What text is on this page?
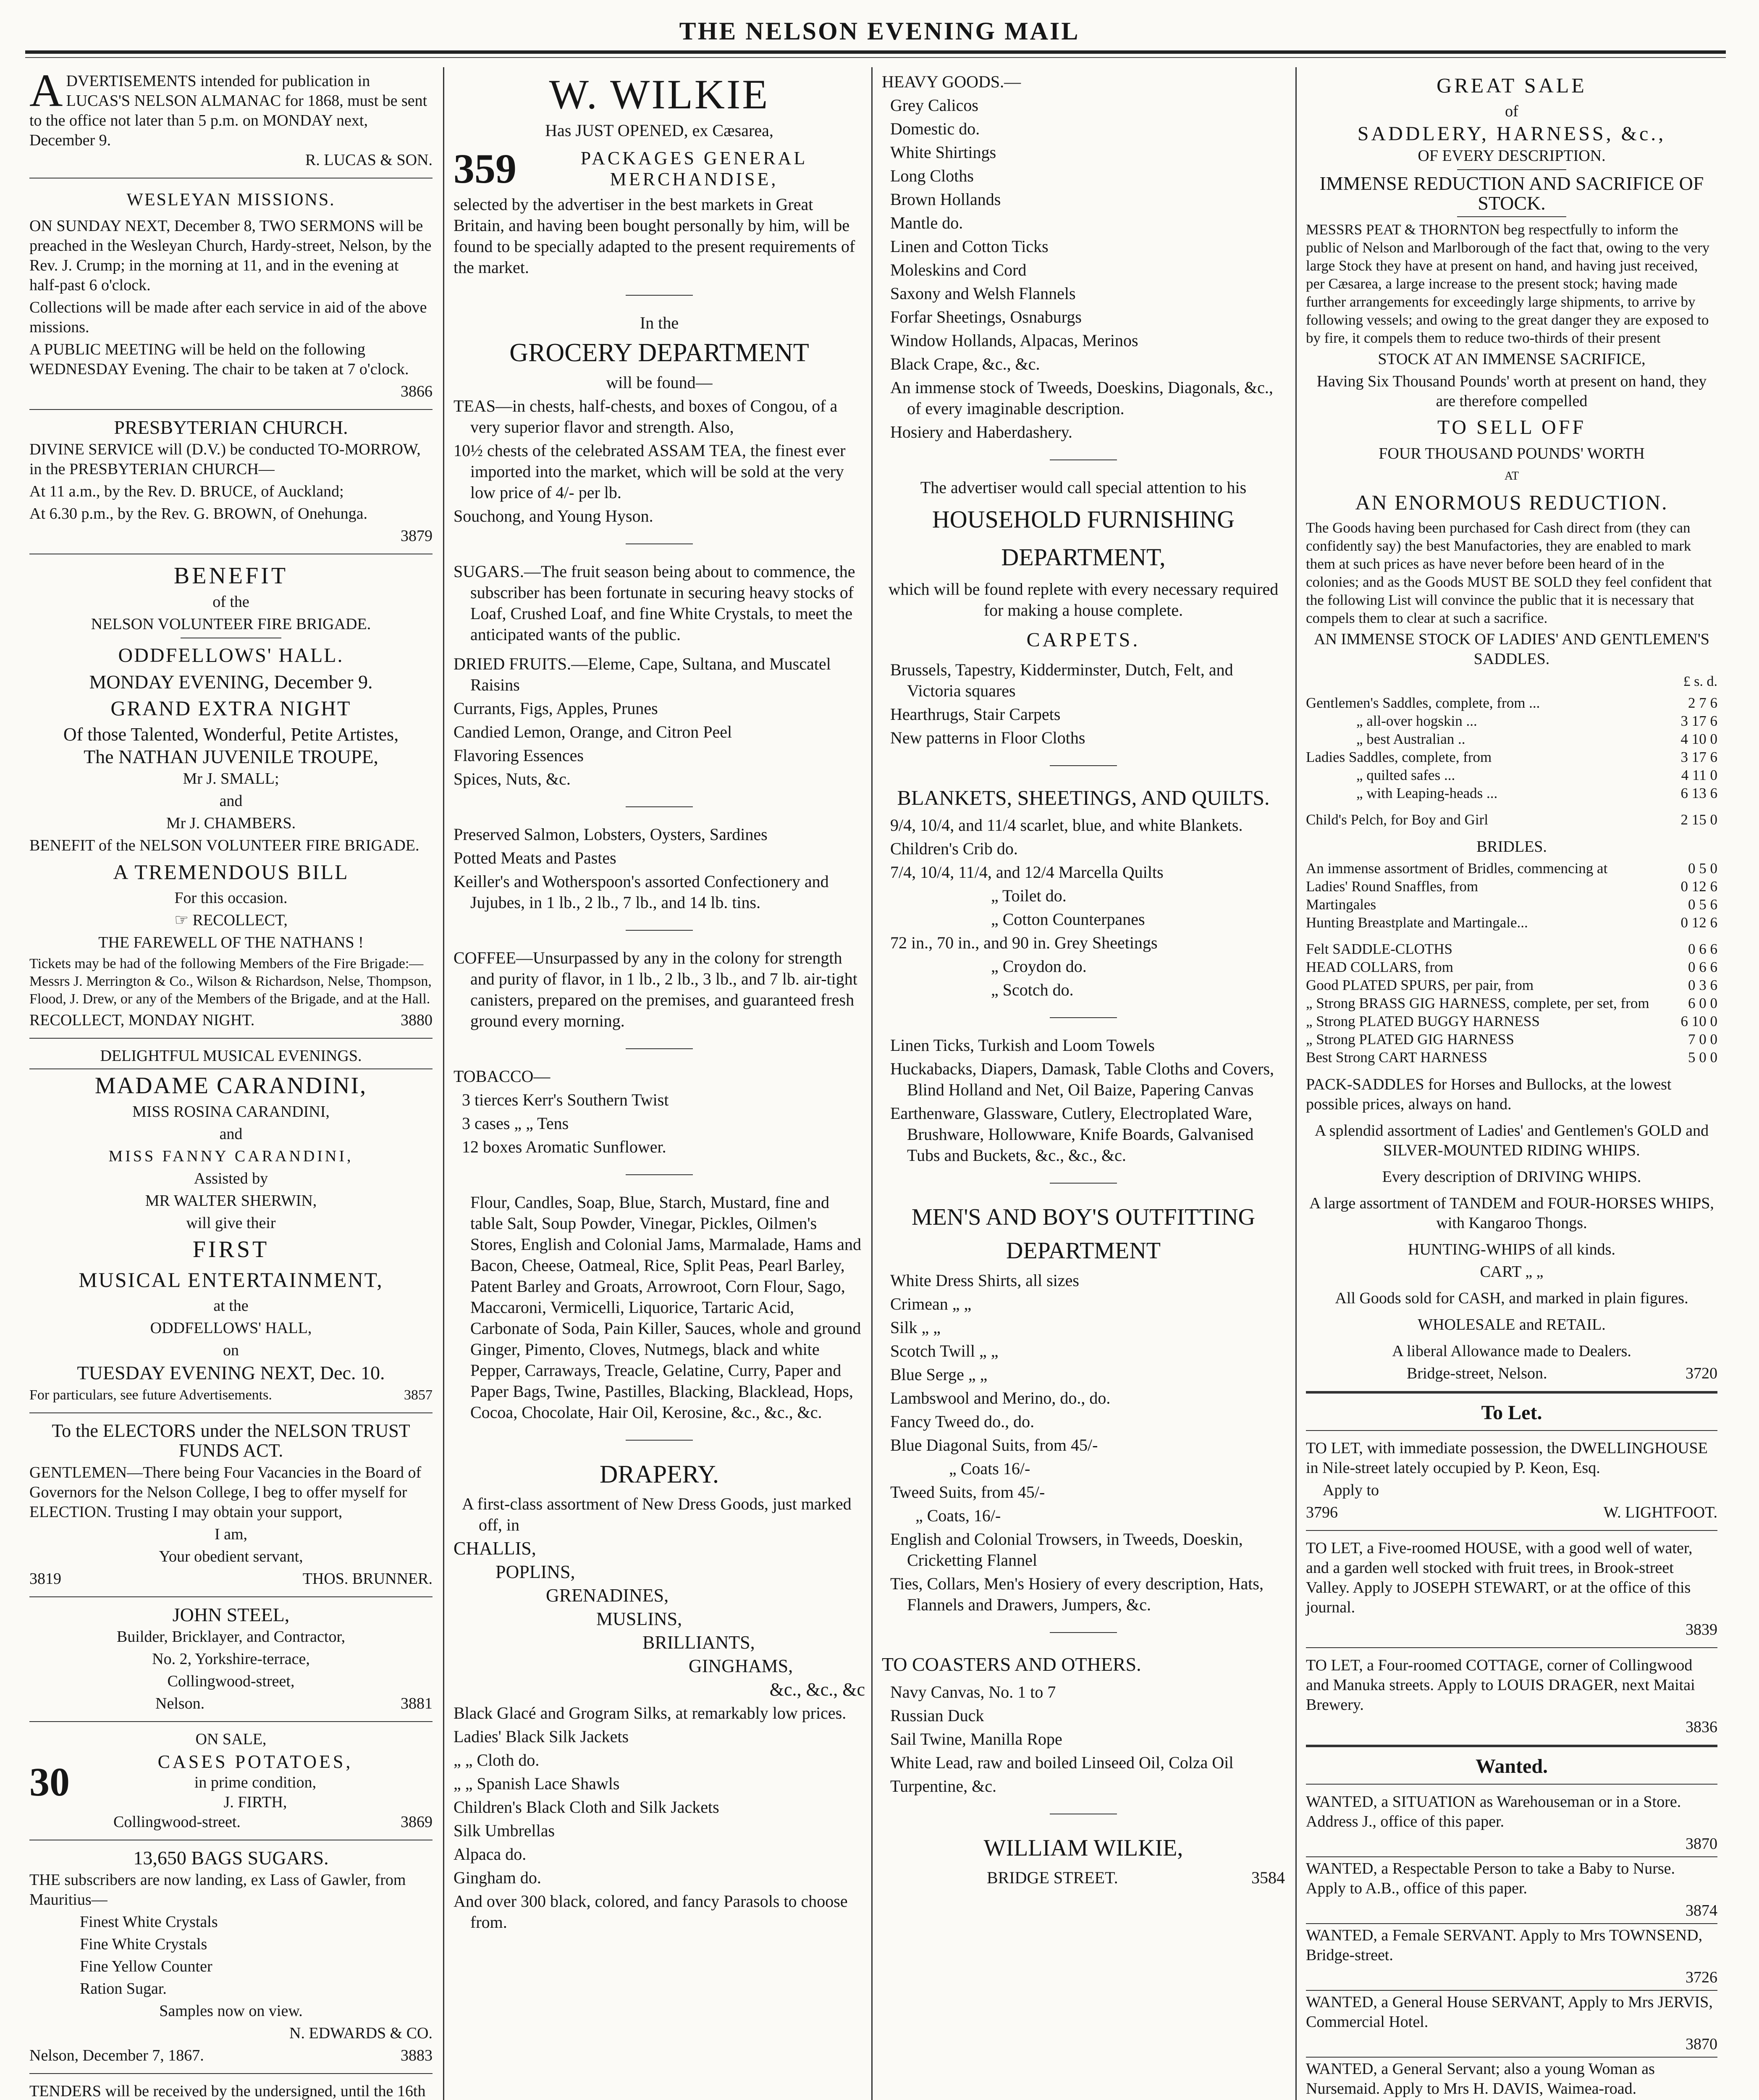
THE NELSON EVENING MAIL
A DVERTISEMENTS intended for publication in LUCAS'S NELSON ALMANAC for 1868, must be sent to the office not later than 5 p.m. on MONDAY next, December 9.

R. LUCAS & SON.

WESLEYAN MISSIONS.

ON SUNDAY NEXT, December 8, TWO SERMONS will be preached in the Wesleyan Church, Hardy-street, Nelson, by the Rev. J. Crump; in the morning at 11, and in the evening at half-past 6 o'clock.

Collections will be made after each service in aid of the above missions.

A PUBLIC MEETING will be held on the following WEDNESDAY Evening. The chair to be taken at 7 o'clock.

3866

PRESBYTERIAN CHURCH.

DIVINE SERVICE will (D.V.) be conducted TO-MORROW, in the PRESBYTERIAN CHURCH—

At 11 a.m., by the Rev. D. BRUCE, of Auckland;

At 6.30 p.m., by the Rev. G. BROWN, of Onehunga.

3879

BENEFIT

of the

NELSON VOLUNTEER FIRE BRIGADE.

ODDFELLOWS' HALL.

MONDAY EVENING, December 9.

GRAND EXTRA NIGHT

Of those Talented, Wonderful, Petite Artistes,

The NATHAN JUVENILE TROUPE,

Mr J. SMALL;

and

Mr J. CHAMBERS.

BENEFIT of the NELSON VOLUNTEER FIRE BRIGADE.

A TREMENDOUS BILL

For this occasion.

☞ RECOLLECT,

THE FAREWELL OF THE NATHANS !

Tickets may be had of the following Members of the Fire Brigade:—Messrs J. Merrington & Co., Wilson & Richardson, Nelse, Thompson, Flood, J. Drew, or any of the Members of the Brigade, and at the Hall.

RECOLLECT, MONDAY NIGHT.	3880

DELIGHTFUL MUSICAL EVENINGS.

MADAME CARANDINI,

MISS ROSINA CARANDINI,

and

MISS FANNY CARANDINI,

Assisted by

MR WALTER SHERWIN,

will give their

FIRST

MUSICAL ENTERTAINMENT,

at the

ODDFELLOWS' HALL,

on

TUESDAY EVENING NEXT, Dec. 10.

For particulars, see future Advertisements.	3857

To the ELECTORS under the NELSON TRUST FUNDS ACT.

GENTLEMEN—There being Four Vacancies in the Board of Governors for the Nelson College, I beg to offer myself for ELECTION. Trusting I may obtain your support,

I am,

Your obedient servant,

3819	THOS. BRUNNER.

JOHN STEEL,

Builder, Bricklayer, and Contractor,

No. 2, Yorkshire-terrace,

Collingwood-street,

Nelson.	3881

ON SALE,

30	CASES POTATOES,
in prime condition,
J. FIRTH,
Collingwood-street.	3869

13,650 BAGS SUGARS.

THE subscribers are now landing, ex Lass of Gawler, from Mauritius—

Finest White Crystals

Fine White Crystals

Fine Yellow Counter

Ration Sugar.

Samples now on view.

N. EDWARDS & CO.

Nelson, December 7, 1867.	3883

TENDERS will be received by the undersigned, until the 16th

W. WILKIE

Has JUST OPENED, ex Cæsarea,

359	PACKAGES GENERAL MERCHANDISE,

selected by the advertiser in the best markets in Great Britain, and having been bought personally by him, will be found to be specially adapted to the present requirements of the market.

In the

GROCERY DEPARTMENT

will be found—

TEAS—in chests, half-chests, and boxes of Congou, of a very superior flavor and strength. Also,

10½ chests of the celebrated ASSAM TEA, the finest ever imported into the market, which will be sold at the very low price of 4/- per lb.

Souchong, and Young Hyson.

SUGARS.—The fruit season being about to commence, the subscriber has been fortunate in securing heavy stocks of Loaf, Crushed Loaf, and fine White Crystals, to meet the anticipated wants of the public.

DRIED FRUITS.—Eleme, Cape, Sultana, and Muscatel Raisins

Currants, Figs, Apples, Prunes

Candied Lemon, Orange, and Citron Peel

Flavoring Essences

Spices, Nuts, &c.

Preserved Salmon, Lobsters, Oysters, Sardines

Potted Meats and Pastes

Keiller's and Wotherspoon's assorted Confectionery and Jujubes, in 1 lb., 2 lb., 7 lb., and 14 lb. tins.

COFFEE—Unsurpassed by any in the colony for strength and purity of flavor, in 1 lb., 2 lb., 3 lb., and 7 lb. air-tight canisters, prepared on the premises, and guaranteed fresh ground every morning.

TOBACCO—

3 tierces Kerr's Southern Twist

3 cases „ „ Tens

12 boxes Aromatic Sunflower.

Flour, Candles, Soap, Blue, Starch, Mustard, fine and table Salt, Soup Powder, Vinegar, Pickles, Oilmen's Stores, English and Colonial Jams, Marmalade, Hams and Bacon, Cheese, Oatmeal, Rice, Split Peas, Pearl Barley, Patent Barley and Groats, Arrowroot, Corn Flour, Sago, Maccaroni, Vermicelli, Liquorice, Tartaric Acid, Carbonate of Soda, Pain Killer, Sauces, whole and ground Ginger, Pimento, Cloves, Nutmegs, black and white Pepper, Carraways, Treacle, Gelatine, Curry, Paper and Paper Bags, Twine, Pastilles, Blacking, Blacklead, Hops, Cocoa, Chocolate, Hair Oil, Kerosine, &c., &c., &c.

DRAPERY.

A first-class assortment of New Dress Goods, just marked off, in

CHALLIS,

POPLINS,

GRENADINES,

MUSLINS,

BRILLIANTS,

GINGHAMS,

&c., &c., &c

Black Glacé and Grogram Silks, at remarkably low prices.

Ladies' Black Silk Jackets

„ „ Cloth do.

„ „ Spanish Lace Shawls

Children's Black Cloth and Silk Jackets

Silk Umbrellas

Alpaca do.

Gingham do.

And over 300 black, colored, and fancy Parasols to choose from.

HEAVY GOODS.—

Grey Calicos

Domestic do.

White Shirtings

Long Cloths

Brown Hollands

Mantle do.

Linen and Cotton Ticks

Moleskins and Cord

Saxony and Welsh Flannels

Forfar Sheetings, Osnaburgs

Window Hollands, Alpacas, Merinos

Black Crape, &c., &c.

An immense stock of Tweeds, Doeskins, Diagonals, &c., of every imaginable description.

Hosiery and Haberdashery.

The advertiser would call special attention to his

HOUSEHOLD FURNISHING DEPARTMENT,

which will be found replete with every necessary required for making a house complete.

CARPETS.

Brussels, Tapestry, Kidderminster, Dutch, Felt, and Victoria squares

Hearthrugs, Stair Carpets

New patterns in Floor Cloths

BLANKETS, SHEETINGS, AND QUILTS.

9/4, 10/4, and 11/4 scarlet, blue, and white Blankets.

Children's Crib do.

7/4, 10/4, 11/4, and 12/4 Marcella Quilts

„ Toilet do.

„ Cotton Counterpanes

72 in., 70 in., and 90 in. Grey Sheetings

„ Croydon do.

„ Scotch do.

Linen Ticks, Turkish and Loom Towels

Huckabacks, Diapers, Damask, Table Cloths and Covers, Blind Holland and Net, Oil Baize, Papering Canvas

Earthenware, Glassware, Cutlery, Electroplated Ware, Brushware, Hollowware, Knife Boards, Galvanised Tubs and Buckets, &c., &c., &c.

MEN'S AND BOY'S OUTFITTING DEPARTMENT

White Dress Shirts, all sizes

Crimean „ „

Silk „ „

Scotch Twill „ „

Blue Serge „ „

Lambswool and Merino, do., do.

Fancy Tweed do., do.

Blue Diagonal Suits, from 45/-

„ Coats 16/-

Tweed Suits, from 45/-

„ Coats, 16/-

English and Colonial Trowsers, in Tweeds, Doeskin, Cricketting Flannel

Ties, Collars, Men's Hosiery of every description, Hats, Flannels and Drawers, Jumpers, &c.

TO COASTERS AND OTHERS.

Navy Canvas, No. 1 to 7

Russian Duck

Sail Twine, Manilla Rope

White Lead, raw and boiled Linseed Oil, Colza Oil

Turpentine, &c.

WILLIAM WILKIE,

BRIDGE STREET.	3584

GREAT SALE

of

SADDLERY, HARNESS, &c.,

OF EVERY DESCRIPTION.

IMMENSE REDUCTION AND SACRIFICE OF STOCK.

MESSRS PEAT & THORNTON beg respectfully to inform the public of Nelson and Marlborough of the fact that, owing to the very large Stock they have at present on hand, and having just received, per Cæsarea, a large increase to the present stock; having made further arrangements for exceedingly large shipments, to arrive by following vessels; and owing to the great danger they are exposed to by fire, it compels them to reduce two-thirds of their present

STOCK AT AN IMMENSE SACRIFICE,

Having Six Thousand Pounds' worth at present on hand, they are therefore compelled

TO SELL OFF

FOUR THOUSAND POUNDS' WORTH

AT

AN ENORMOUS REDUCTION.

The Goods having been purchased for Cash direct from (they can confidently say) the best Manufactories, they are enabled to mark them at such prices as have never before been heard of in the colonies; and as the Goods MUST BE SOLD they feel confident that the following List will convince the public that it is necessary that compels them to clear at such a sacrifice.

AN IMMENSE STOCK OF LADIES' AND GENTLEMEN'S SADDLES.

£ s. d.

Gentlemen's Saddles, complete, from ...	2 7 6
„ all-over hogskin ...	3 17 6
„ best Australian ..	4 10 0
Ladies Saddles, complete, from	3 17 6
„ quilted safes ...	4 11 0
„ with Leaping-heads ...	6 13 6
Child's Pelch, for Boy and Girl	2 15 0

BRIDLES.

An immense assortment of Bridles, commencing at	0 5 0
Ladies' Round Snaffles, from	0 12 6
Martingales	0 5 6
Hunting Breastplate and Martingale...	0 12 6
Felt SADDLE-CLOTHS	0 6 6
HEAD COLLARS, from	0 6 6
Good PLATED SPURS, per pair, from	0 3 6
„ Strong BRASS GIG HARNESS, complete, per set, from	6 0 0
„ Strong PLATED BUGGY HARNESS	6 10 0
„ Strong PLATED GIG HARNESS	7 0 0
Best Strong CART HARNESS	5 0 0

PACK-SADDLES for Horses and Bullocks, at the lowest possible prices, always on hand.

A splendid assortment of Ladies' and Gentlemen's GOLD and SILVER-MOUNTED RIDING WHIPS.

Every description of DRIVING WHIPS.

A large assortment of TANDEM and FOUR-HORSES WHIPS, with Kangaroo Thongs.

HUNTING-WHIPS of all kinds.

CART „ „

All Goods sold for CASH, and marked in plain figures.

WHOLESALE and RETAIL.

A liberal Allowance made to Dealers.

Bridge-street, Nelson.	3720

To Let.

TO LET, with immediate possession, the DWELLINGHOUSE in Nile-street lately occupied by P. Keon, Esq.

Apply to

3796	W. LIGHTFOOT.

TO LET, a Five-roomed HOUSE, with a good well of water, and a garden well stocked with fruit trees, in Brook-street Valley. Apply to JOSEPH STEWART, or at the office of this journal.

3839

TO LET, a Four-roomed COTTAGE, corner of Collingwood and Manuka streets. Apply to LOUIS DRAGER, next Maitai Brewery.

3836

Wanted.

WANTED, a SITUATION as Warehouseman or in a Store. Address J., office of this paper.

3870

WANTED, a Respectable Person to take a Baby to Nurse. Apply to A.B., office of this paper.

3874

WANTED, a Female SERVANT. Apply to Mrs TOWNSEND, Bridge-street.

3726

WANTED, a General House SERVANT, Apply to Mrs JERVIS, Commercial Hotel.

3870

WANTED, a General Servant; also a young Woman as Nursemaid. Apply to Mrs H. DAVIS, Waimea-road.
